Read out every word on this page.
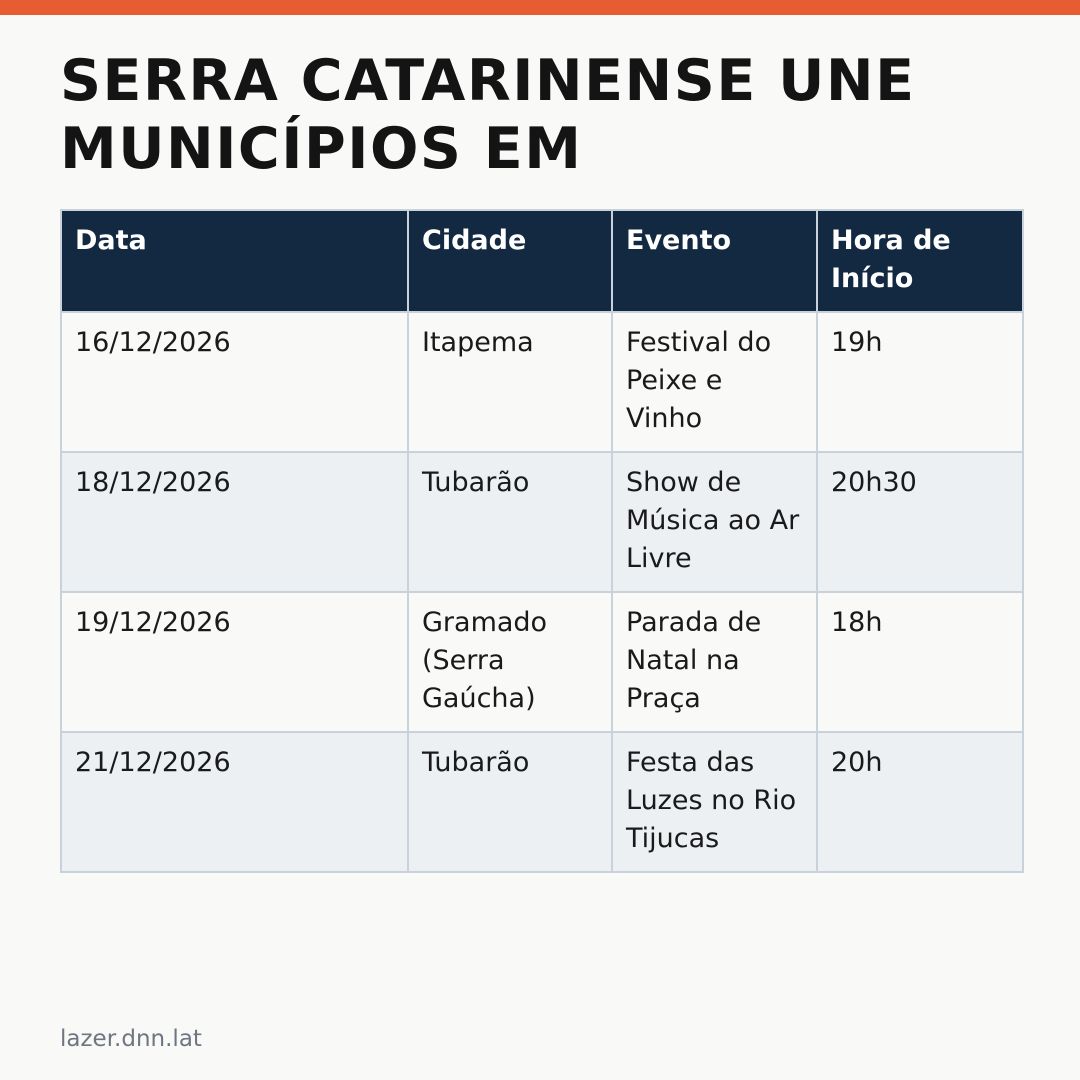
SERRA CATARINENSE UNE MUNICÍPIOS EM
Data	Cidade	Evento	Hora de Início
16/12/2026	Itapema	Festival do Peixe e Vinho	19h
18/12/2026	Tubarão	Show de Música ao Ar Livre	20h30
19/12/2026	Gramado (Serra Gaúcha)	Parada de Natal na Praça	18h
21/12/2026	Tubarão	Festa das Luzes no Rio Tijucas	20h
lazer.dnn.lat
